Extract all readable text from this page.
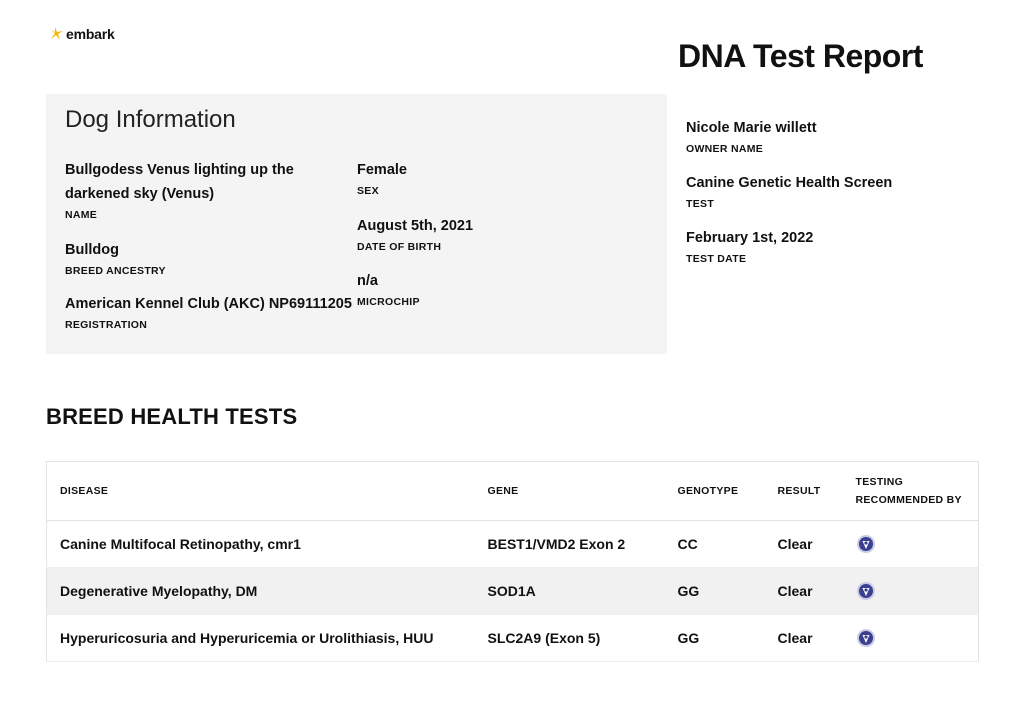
embark
DNA Test Report
Dog Information
Bullgodess Venus lighting up the darkened sky (Venus)
NAME
Bulldog
BREED ANCESTRY
American Kennel Club (AKC) NP69111205
REGISTRATION
Female
SEX
August 5th, 2021
DATE OF BIRTH
n/a
MICROCHIP
Nicole Marie willett
OWNER NAME
Canine Genetic Health Screen
TEST
February 1st, 2022
TEST DATE
BREED HEALTH TESTS
DISEASE	GENE	GENOTYPE	RESULT	TESTING
RECOMMENDED BY

Canine Multifocal Retinopathy, cmr1	BEST1/VMD2 Exon 2	CC	Clear	
Degenerative Myelopathy, DM	SOD1A	GG	Clear	
Hyperuricosuria and Hyperuricemia or Urolithiasis, HUU	SLC2A9 (Exon 5)	GG	Clear	
